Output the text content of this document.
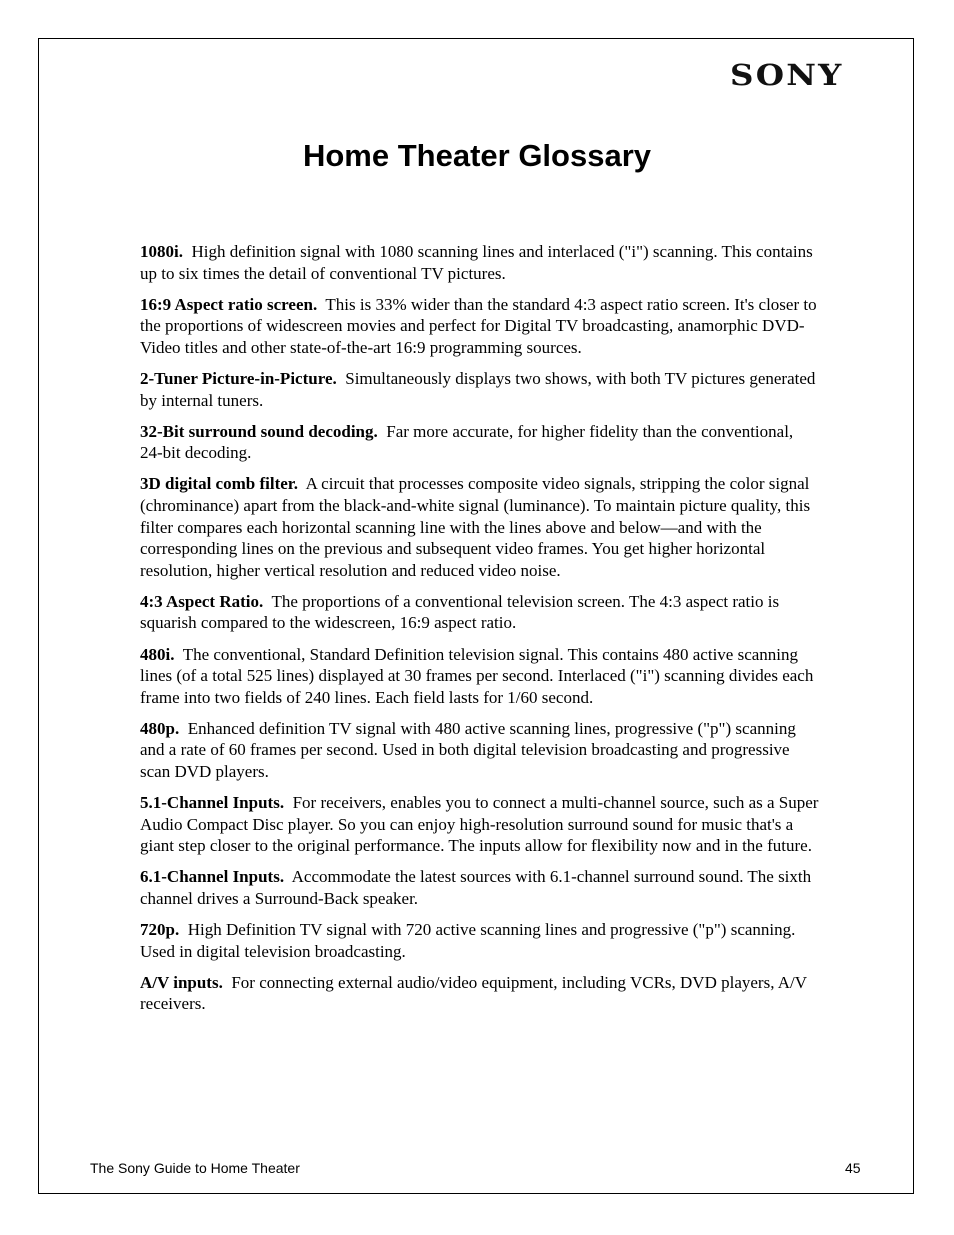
SONY
Home Theater Glossary

1080i. High definition signal with 1080 scanning lines and interlaced ("i") scanning. This contains up to six times the detail of conventional TV pictures.

16:9 Aspect ratio screen. This is 33% wider than the standard 4:3 aspect ratio screen. It's closer to the proportions of widescreen movies and perfect for Digital TV broadcasting, anamorphic DVD-Video titles and other state-of-the-art 16:9 programming sources.

2-Tuner Picture-in-Picture. Simultaneously displays two shows, with both TV pictures generated by internal tuners.

32-Bit surround sound decoding. Far more accurate, for higher fidelity than the conventional, 24-bit decoding.

3D digital comb filter. A circuit that processes composite video signals, stripping the color signal (chrominance) apart from the black-and-white signal (luminance). To maintain picture quality, this filter compares each horizontal scanning line with the lines above and below—and with the corresponding lines on the previous and subsequent video frames. You get higher horizontal resolution, higher vertical resolution and reduced video noise.

4:3 Aspect Ratio. The proportions of a conventional television screen. The 4:3 aspect ratio is squarish compared to the widescreen, 16:9 aspect ratio.

480i. The conventional, Standard Definition television signal. This contains 480 active scanning lines (of a total 525 lines) displayed at 30 frames per second. Interlaced ("i") scanning divides each frame into two fields of 240 lines. Each field lasts for 1/60 second.

480p. Enhanced definition TV signal with 480 active scanning lines, progressive ("p") scanning and a rate of 60 frames per second. Used in both digital television broadcasting and progressive scan DVD players.

5.1-Channel Inputs. For receivers, enables you to connect a multi-channel source, such as a Super Audio Compact Disc player. So you can enjoy high-resolution surround sound for music that's a giant step closer to the original performance. The inputs allow for flexibility now and in the future.

6.1-Channel Inputs. Accommodate the latest sources with 6.1-channel surround sound. The sixth channel drives a Surround-Back speaker.

720p. High Definition TV signal with 720 active scanning lines and progressive ("p") scanning. Used in digital television broadcasting.

A/V inputs. For connecting external audio/video equipment, including VCRs, DVD players, A/V receivers.

The Sony Guide to Home Theater	45
